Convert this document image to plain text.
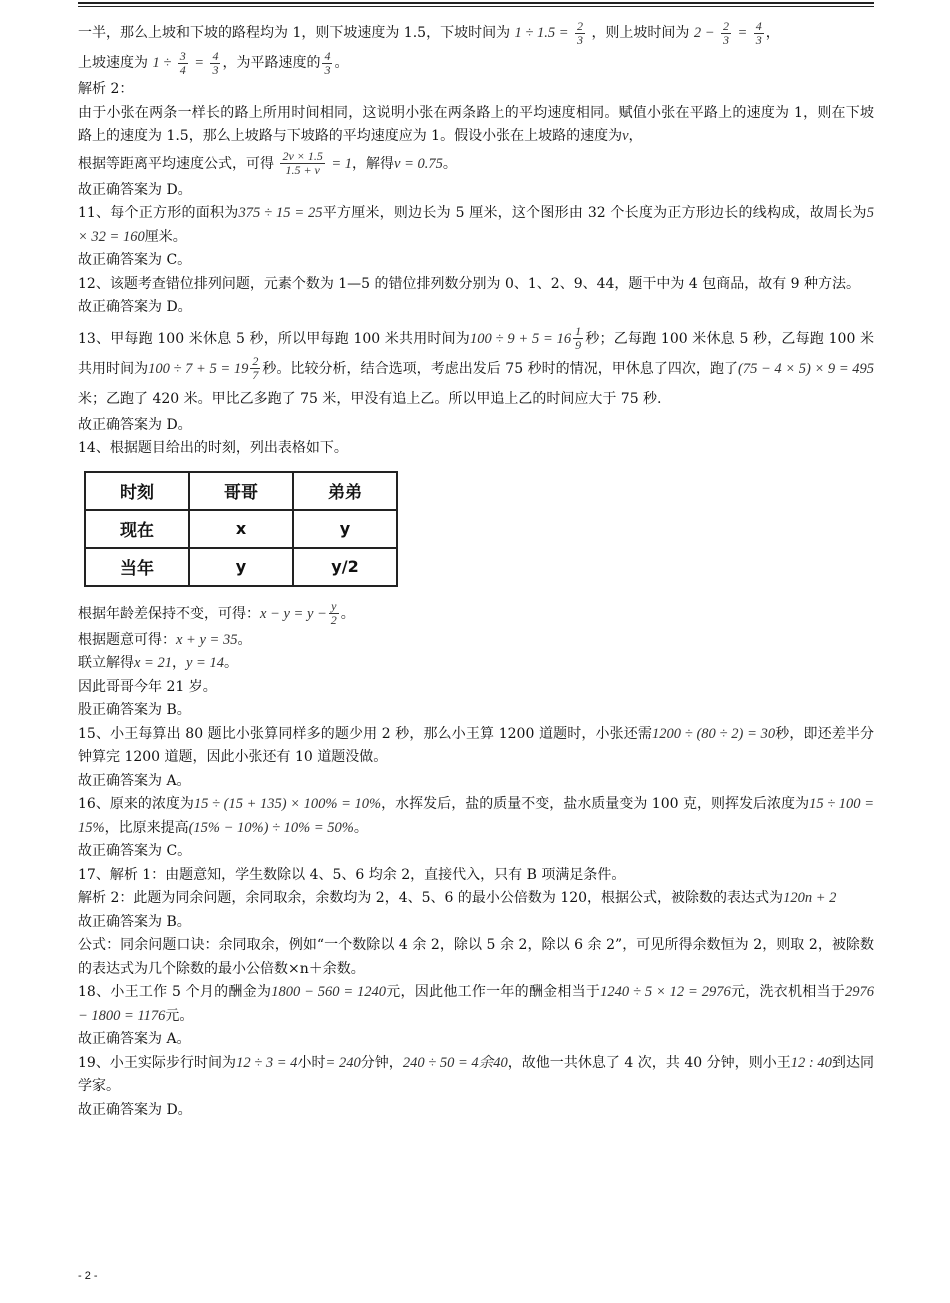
一半，那么上坡和下坡的路程均为 1，则下坡速度为 1.5，下坡时间为 $1 \div 1.5 = \frac{2}{3}$ ，则上坡时间为 $2 - \frac{2}{3} = \frac{4}{3}$ ，
上坡速度为 $1 \div \frac{3}{4} = \frac{4}{3}$ ，为平路速度的 $\frac{4}{3}$ 。

解析 2：

由于小张在两条一样长的路上所用时间相同，这说明小张在两条路上的平均速度相同。赋值小张在平路上的速度为 1，则在下坡路上的速度为 1.5，那么上坡路与下坡路的平均速度应为 1。假设小张在上坡路的速度为v，

根据等距离平均速度公式，可得 $\frac{2v \times 1.5}{1.5 + v} = 1$，解得v = 0.75。

故正确答案为 D。

11、每个正方形的面积为375 ÷ 15 = 25平方厘米，则边长为 5 厘米，这个图形由 32 个长度为正方形边长的线构成，故周长为5 × 32 = 160厘米。

故正确答案为 C。

12、该题考查错位排列问题，元素个数为 1—5 的错位排列数分别为 0、1、2、9、44，题干中为 4 包商品，故有 9 种方法。

故正确答案为 D。

13、甲每跑 100 米休息 5 秒，所以甲每跑 100 米共用时间为$100 \div 9 + 5 = 16 \frac{1}{9}$ 秒；乙每跑 100 米休息 5 秒，乙每跑 100 米共用时间为$100 \div 7 + 5 = 19 \frac{2}{7}$ 秒。比较分析，结合选项，考虑出发后 75 秒时的情况，甲休息了四次，跑了(75 − 4 × 5) × 9 = 495米；乙跑了 420 米。甲比乙多跑了 75 米，甲没有追上乙。所以甲追上乙的时间应大于 75 秒.

故正确答案为 D。

14、根据题目给出的时刻，列出表格如下。

时刻	哥哥	弟弟
现在	x	y
当年	y	y/2

根据年龄差保持不变，可得：$x - y = y - \frac{y}{2}$ 。

根据题意可得：x + y = 35。

联立解得x = 21，y = 14。

因此哥哥今年 21 岁。

股正确答案为 B。

15、小王每算出 80 题比小张算同样多的题少用 2 秒，那么小王算 1200 道题时，小张还需1200 ÷ (80 ÷ 2) = 30秒，即还差半分钟算完 1200 道题，因此小张还有 10 道题没做。

故正确答案为 A。

16、原来的浓度为15 ÷ (15 + 135) × 100% = 10%，水挥发后，盐的质量不变，盐水质量变为 100 克，则挥发后浓度为15 ÷ 100 = 15%，比原来提高(15% − 10%) ÷ 10% = 50%。

故正确答案为 C。

17、解析 1：由题意知，学生数除以 4、5、6 均余 2，直接代入，只有 B 项满足条件。

解析 2：此题为同余问题，余同取余，余数均为 2，4、5、6 的最小公倍数为 120，根据公式，被除数的表达式为120n + 2

故正确答案为 B。

公式：同余问题口诀：余同取余，例如“一个数除以 4 余 2，除以 5 余 2，除以 6 余 2”，可见所得余数恒为 2，则取 2，被除数的表达式为几个除数的最小公倍数×n＋余数。

18、小王工作 5 个月的酬金为1800 − 560 = 1240元，因此他工作一年的酬金相当于1240 ÷ 5 × 12 = 2976元，洗衣机相当于2976 − 1800 = 1176元。

故正确答案为 A。

19、小王实际步行时间为12 ÷ 3 = 4小时= 240分钟，240 ÷ 50 = 4余40，故他一共休息了 4 次，共 40 分钟，则小王12 : 40到达同学家。

故正确答案为 D。

- 2 -
